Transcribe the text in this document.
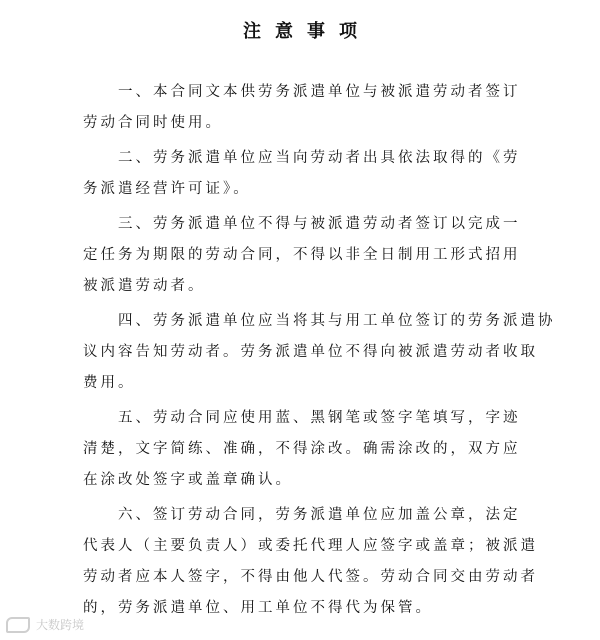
注意事项
一、本合同文本供劳务派遣单位与被派遣劳动者签订
劳动合同时使用。
二、劳务派遣单位应当向劳动者出具依法取得的《劳
务派遣经营许可证》。
三、劳务派遣单位不得与被派遣劳动者签订以完成一
定任务为期限的劳动合同，不得以非全日制用工形式招用
被派遣劳动者。
四、劳务派遣单位应当将其与用工单位签订的劳务派遣协
议内容告知劳动者。劳务派遣单位不得向被派遣劳动者收取
费用。
五、劳动合同应使用蓝、黑钢笔或签字笔填写，字迹
清楚，文字简练、准确，不得涂改。确需涂改的，双方应
在涂改处签字或盖章确认。
六、签订劳动合同，劳务派遣单位应加盖公章，法定
代表人（主要负责人）或委托代理人应签字或盖章；被派遣
劳动者应本人签字，不得由他人代签。劳动合同交由劳动者
的，劳务派遣单位、用工单位不得代为保管。
大数跨境
